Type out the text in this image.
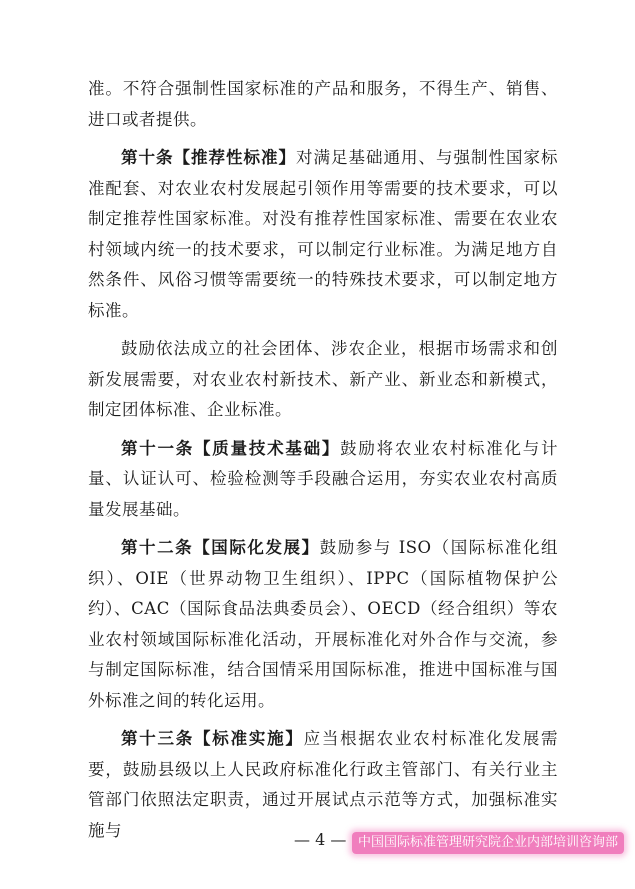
准。不符合强制性国家标准的产品和服务，不得生产、销售、进口或者提供。

第十条【推荐性标准】对满足基础通用、与强制性国家标准配套、对农业农村发展起引领作用等需要的技术要求，可以制定推荐性国家标准。对没有推荐性国家标准、需要在农业农村领域内统一的技术要求，可以制定行业标准。为满足地方自然条件、风俗习惯等需要统一的特殊技术要求，可以制定地方标准。

鼓励依法成立的社会团体、涉农企业，根据市场需求和创新发展需要，对农业农村新技术、新产业、新业态和新模式，制定团体标准、企业标准。

第十一条【质量技术基础】鼓励将农业农村标准化与计量、认证认可、检验检测等手段融合运用，夯实农业农村高质量发展基础。

第十二条【国际化发展】鼓励参与 ISO（国际标准化组织）、OIE（世界动物卫生组织）、IPPC（国际植物保护公约）、CAC（国际食品法典委员会）、OECD（经合组织）等农业农村领域国际标准化活动，开展标准化对外合作与交流，参与制定国际标准，结合国情采用国际标准，推进中国标准与国外标准之间的转化运用。

第十三条【标准实施】应当根据农业农村标准化发展需要，鼓励县级以上人民政府标准化行政主管部门、有关行业主管部门依照法定职责，通过开展试点示范等方式，加强标准实施与	— 4 — 中国国际标准管理研究院企业内部培训咨询部
